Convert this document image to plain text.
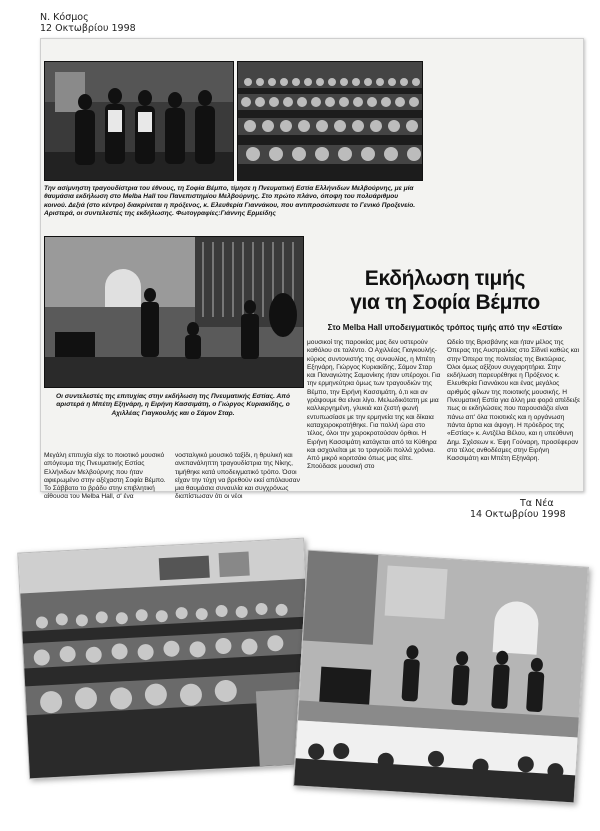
Ν. Κόσμος
12 Οκτωβρίου 1998
Την ασίμνηστη τραγουδίστρια του έθνους, τη Σοφία Βέμπο, τίμησε η Πνευματική Εστία Ελλήνιδων Μελβούρνης, με μία θαυμάσια εκδήλωση στο Melba Hall του Πανεπιστημίου Μελβούρνης. Στο πρώτο πλάνο, όποψη του πολυάριθμου κοινού. Δεξιά (στο κέντρο) διακρίνεται η πρόξενος, κ. Ελευθερία Γιαννάκου, που αντιπροσώπευσε το Γενικό Προξενείο. Αριστερά, οι συντελεστές της εκδήλωσης. Φωτογραφίες:Γιάννης Ερμείδης
Οι συντελεστές της επιτυχίας στην εκδήλωση της Πνευματικής Εστίας. Από αριστερά η Μπέτη Εξηνάρη, η Ειρήνη Κασσιμάτη, ο Γιώργος Κυριακίδης, ο Αχιλλέας Γιαγκουλής και ο Σάμον Σταρ.
Εκδήλωση τιμής
για τη Σοφία Βέμπο
Στο Melba Hall υποδειγματικός τρόπος τιμής από την «Εστία»
Μεγάλη επιτυχία είχε το ποιοτικό μουσικό απόγευμα της Πνευματικής Εστίας Ελλήνιδων Μελβούρνης που ήταν αφιερωμένο στην αξέχαστη Σοφία Βέμπο. Το Σάββατο το βράδυ στην επιβλητική αίθουσα του Melba Hall, σ' ένα
νοσταλγικό μουσικό ταξίδι, η θρυλική και ανεπανάληπτη τραγουδίστρια της Νίκης, τιμήθηκε κατά υποδειγματικό τρόπο. Όσοι είχαν την τύχη να βρεθούν εκεί απόλαυσαν μια θαυμάσια συναυλία και συγχρόνως διαπίστωσαν ότι οι νέοι
μουσικοί της παροικίας μας δεν υστερούν καθόλου σε ταλέντο. Ο Αχιλλέας Γιαγκουλής-κύριος συντονιστής της συναυλίας, η Μπέτη Εξηνάρη, Γιώργος Κυριακίδης, Σάμον Σταρ και Παναγιώτης Σαμονίκης ήταν υπέροχοι. Για την ερμηνεύτρια όμως των τραγουδιών της Βέμπο, την Ειρήνη Κασσιμάτη, ό,τι και αν γράψουμε θα είναι λίγο. Μελωδικότατη με μια καλλιεργημένη, γλυκιά και ζεστή φωνή εντυπωσίασε με την ερμηνεία της και δίκαια καταχειροκροτήθηκε. Για πολλή ώρα στο τέλος, όλοι την χειροκροτούσαν όρθιοι. Η Ειρήνη Κασσιμάτη κατάγεται από τα Κύθηρα και ασχολείται με το τραγούδι πολλά χρόνια. Από μικρό κοριτσάκι όπως μας είπε. Σπούδασε μουσική στο
Ωδείο της Βρισβάνης και ήταν μέλος της Όπερας της Αυστραλίας στο Σίδνεϊ καθώς και στην Όπερα της πολιτείας της Βικτώριας. Όλοι όμως αξίζουν συγχαρητήρια. Στην εκδήλωση παρευρέθηκε η Πρόξενος κ. Ελευθερία Γιαννάκου και ένας μεγάλος αριθμός φίλων της ποιοτικής μουσικής. Η Πνευματική Εστία για άλλη μια φορά απέδειξε πως οι εκδηλώσεις που παρουσιάζει είναι πάνω απ' όλα ποιοτικές και η οργάνωση πάντα άρτια και άψογη. Η πρόεδρος της «Εστίας» κ. Αντζέλα Βέλου, και η υπεύθυνη Δημ. Σχέσεων κ. Έφη Γούναρη, προσέφεραν στο τέλος ανθοδέσμες στην Ειρήνη Κασσιμάτη και Μπέτη Εξηνάρη.
Τα Νέα
14 Οκτωβρίου 1998
